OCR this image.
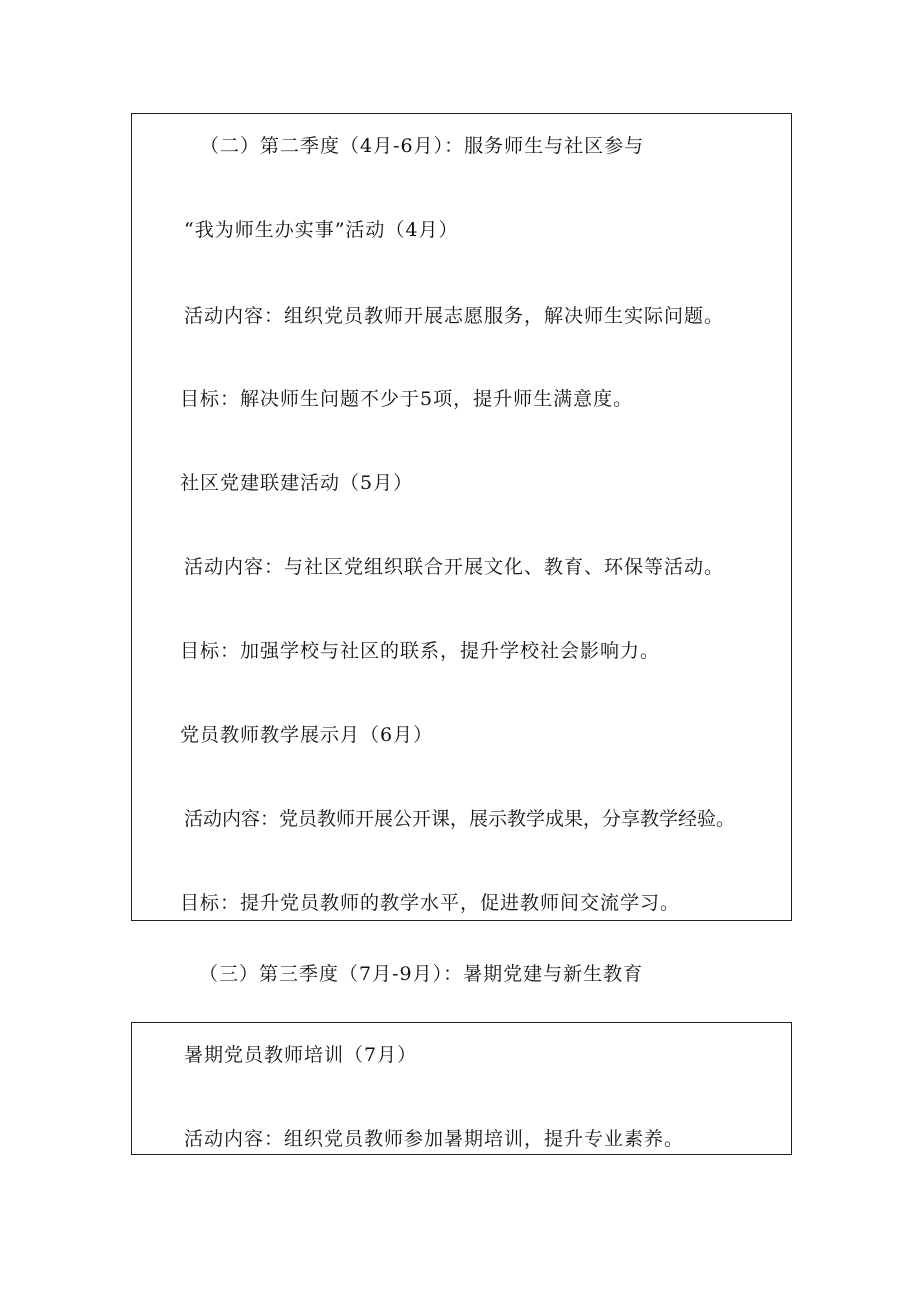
（二）第二季度（4月-6月）：服务师生与社区参与
“我为师生办实事”活动（4月）
活动内容：组织党员教师开展志愿服务，解决师生实际问题。
目标：解决师生问题不少于5项，提升师生满意度。
社区党建联建活动（5月）
活动内容：与社区党组织联合开展文化、教育、环保等活动。
目标：加强学校与社区的联系，提升学校社会影响力。
党员教师教学展示月（6月）
活动内容：党员教师开展公开课，展示教学成果，分享教学经验。
目标：提升党员教师的教学水平，促进教师间交流学习。
（三）第三季度（7月-9月）：暑期党建与新生教育
暑期党员教师培训（7月）
活动内容：组织党员教师参加暑期培训，提升专业素养。
